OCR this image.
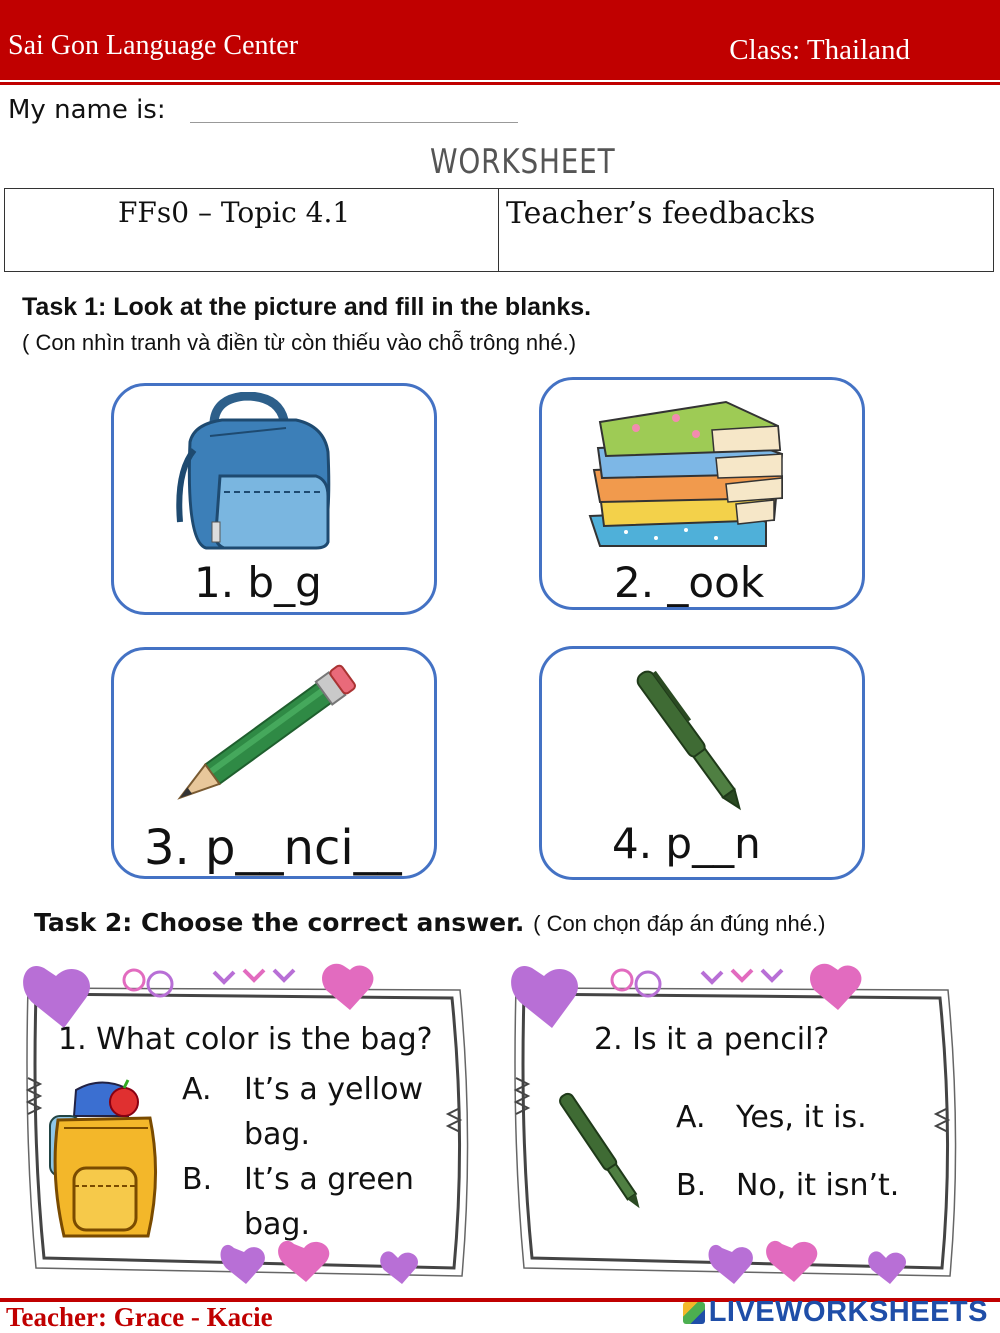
Sai Gon Language Center	Class: Thailand
My name is:
WORKSHEET
FFs0 – Topic 4.1	Teacher’s feedbacks
Task 1: Look at the picture and fill in the blanks.
( Con nhìn tranh và điền từ còn thiếu vào chỗ trông nhé.)
1. b_g	2. _ook
3. p__nci__	4. p__n
Task 2: Choose the correct answer. ( Con chọn đáp án đúng nhé.)
1. What color is the bag?
A. It’s a yellow
bag.
B. It’s a green
bag.
2. Is it a pencil?
A. Yes, it is.
B. No, it isn’t.
Teacher: Grace - Kacie	LIVEWORKSHEETS
